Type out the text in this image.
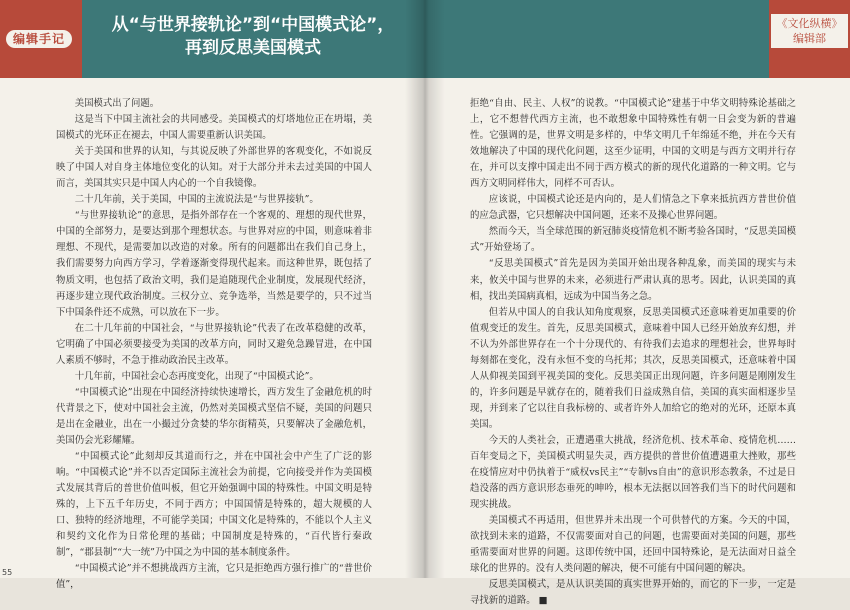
编辑手记
从“与世界接轨论”到“中国模式论”，
再到反思美国模式
《文化纵横》
编辑部

美国模式出了问题。

这是当下中国主流社会的共同感受。美国模式的灯塔地位正在坍塌，美国模式的光环正在褪去，中国人需要重新认识美国。

关于美国和世界的认知，与其说反映了外部世界的客观变化，不如说反映了中国人对自身主体地位变化的认知。对于大部分并未去过美国的中国人而言，美国其实只是中国人内心的一个自我镜像。

二十几年前，关于美国，中国的主流说法是“与世界接轨”。

“与世界接轨论”的意思，是指外部存在一个客观的、理想的现代世界，中国的全部努力，是要达到那个理想状态。与世界对应的中国，则意味着非理想、不现代，是需要加以改造的对象。所有的问题都出在我们自己身上，我们需要努力向西方学习，学着逐渐变得现代起来。而这种世界，既包括了物质文明，也包括了政治文明，我们是追随现代企业制度，发展现代经济，再逐步建立现代政治制度。三权分立、竞争选举，当然是要学的，只不过当下中国条件还不成熟，可以放在下一步。

在二十几年前的中国社会，“与世界接轨论”代表了在改革稳健的改革，它明确了中国必须要接受为美国的改革方向，同时又避免急躁冒进，在中国人素质不够时，不急于推动政治民主改革。

十几年前，中国社会心态再度变化，出现了“中国模式论”。

“中国模式论”出现在中国经济持续快速增长，西方发生了金融危机的时代背景之下，使对中国社会主流，仍然对美国模式坚信不疑，美国的问题只是出在金融业，出在一小撮过分贪婪的华尔街精英，只要解决了金融危机，美国仍会光彩耀耀。

“中国模式论”此刻却反其道而行之，并在中国社会中产生了广泛的影响。“中国模式论”并不以否定国际主流社会为前提，它向接受并作为美国模式发展其背后的普世价值叫板，但它开始强调中国的特殊性。中国文明是特殊的，上下五千年历史，不同于西方；中国国情是特殊的，超大规模的人口、独特的经济地理，不可能学美国；中国文化是特殊的，不能以个人主义和契约文化作为日常伦理的基础；中国制度是特殊的，“百代皆行秦政制”，“郡县制”“大一统”乃中国之为中国的基本制度条件。

“中国模式论”并不想挑战西方主流，它只是拒绝西方强行推广的“普世价值”，

拒绝“自由、民主、人权”的说教。“中国模式论”建基于中华文明特殊论基础之上，它不想替代西方主流，也不敢想象中国特殊性有朝一日会变为新的普遍性。它强调的是，世界文明是多样的，中华文明几千年绵延不绝，并在今天有效地解决了中国的现代化问题，这至少证明，中国的文明是与西方文明并行存在，并可以支撑中国走出不同于西方模式的新的现代化道路的一种文明。它与西方文明同样伟大，同样不可否认。

应该说，中国模式论还是内向的，是人们情急之下拿来抵抗西方普世价值的应急武器，它只想解决中国问题，还来不及操心世界问题。

然而今天，当全球范围的新冠肺炎疫情危机不断考验各国时，“反思美国模式”开始登场了。

“反思美国模式”首先是因为美国开始出现各种乱象，而美国的现实与未来，攸关中国与世界的未来，必须进行严肃认真的思考。因此，认识美国的真相，找出美国病真相，远成为中国当务之急。

但若从中国人的自我认知角度观察，反思美国模式还意味着更加重要的价值观变迁的发生。首先，反思美国模式，意味着中国人已经开始放弃幻想，并不认为外部世界存在一个十分现代的、有待我们去追求的理想社会，世界每时每刻都在变化，没有永恒不变的乌托邦；其次，反思美国模式，还意味着中国人从仰视美国到平视美国的变化。反思美国正出现问题，许多问题是刚刚发生的，许多问题是早就存在的，随着我们日益成熟自信，美国的真实面相逐步呈现，并到来了它以往自我标榜的、或者许外人加给它的绝对的光环，还原本真美国。

今天的人类社会，正遭遇重大挑战，经济危机、技术革命、疫情危机……百年变局之下，美国模式明显失灵，西方提供的普世价值遭遇重大挫败，那些在疫情应对中仍执着于“威权vs民主”“专制vs自由”的意识形态教条，不过是日趋没落的西方意识形态垂死的呻吟，根本无法据以回答我们当下的时代问题和现实挑战。

美国模式不再适用，但世界并未出现一个可供替代的方案。今天的中国，欲找到未来的道路，不仅需要面对自己的问题，也需要面对美国的问题，那些亟需要面对世界的问题。这即传统中国，还回中国特殊论，是无法面对日益全球化的世界的。没有人类问题的解决，便不可能有中国问题的解决。

反思美国模式，是从认识美国的真实世界开始的，而它的下一步，一定是寻找新的道路。 ■

55
